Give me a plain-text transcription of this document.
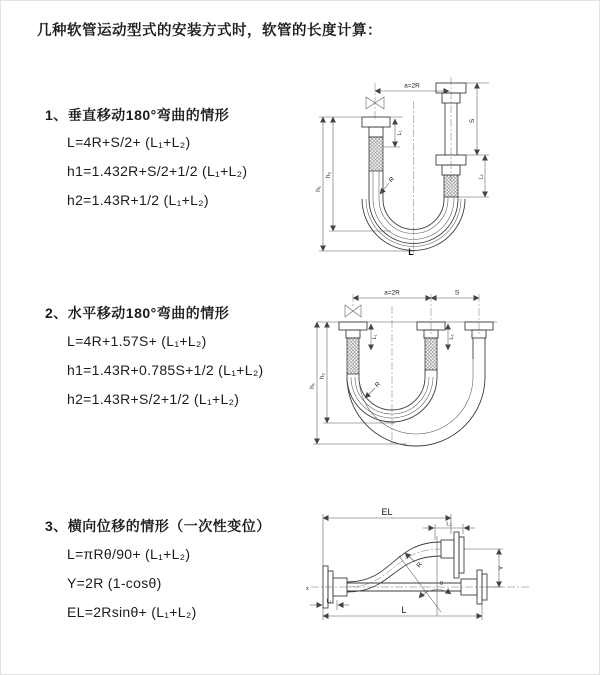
几种软管运动型式的安装方式时，软管的长度计算：
1、垂直移动180°弯曲的情形
L=4R+S/2+ (L₁+L₂)
h1=1.432R+S/2+1/2 (L₁+L₂)
h2=1.43R+1/2 (L₁+L₂)
a=2R
h₁
h₂
L₁
S
L₂
R
L
2、水平移动180°弯曲的情形
L=4R+1.57S+ (L₁+L₂)
h1=1.43R+0.785S+1/2 (L₁+L₂)
h2=1.43R+S/2+1/2 (L₁+L₂)
a=2R	S
h₁
h₂
L₁	L₂
R
3、横向位移的情形（一次性变位）
L=πRθ/90+ (L₁+L₂)
Y=2R (1-cosθ)
EL=2Rsinθ+ (L₁+L₂)
EL
L₂
x
Y
θ
R
L₁
L
